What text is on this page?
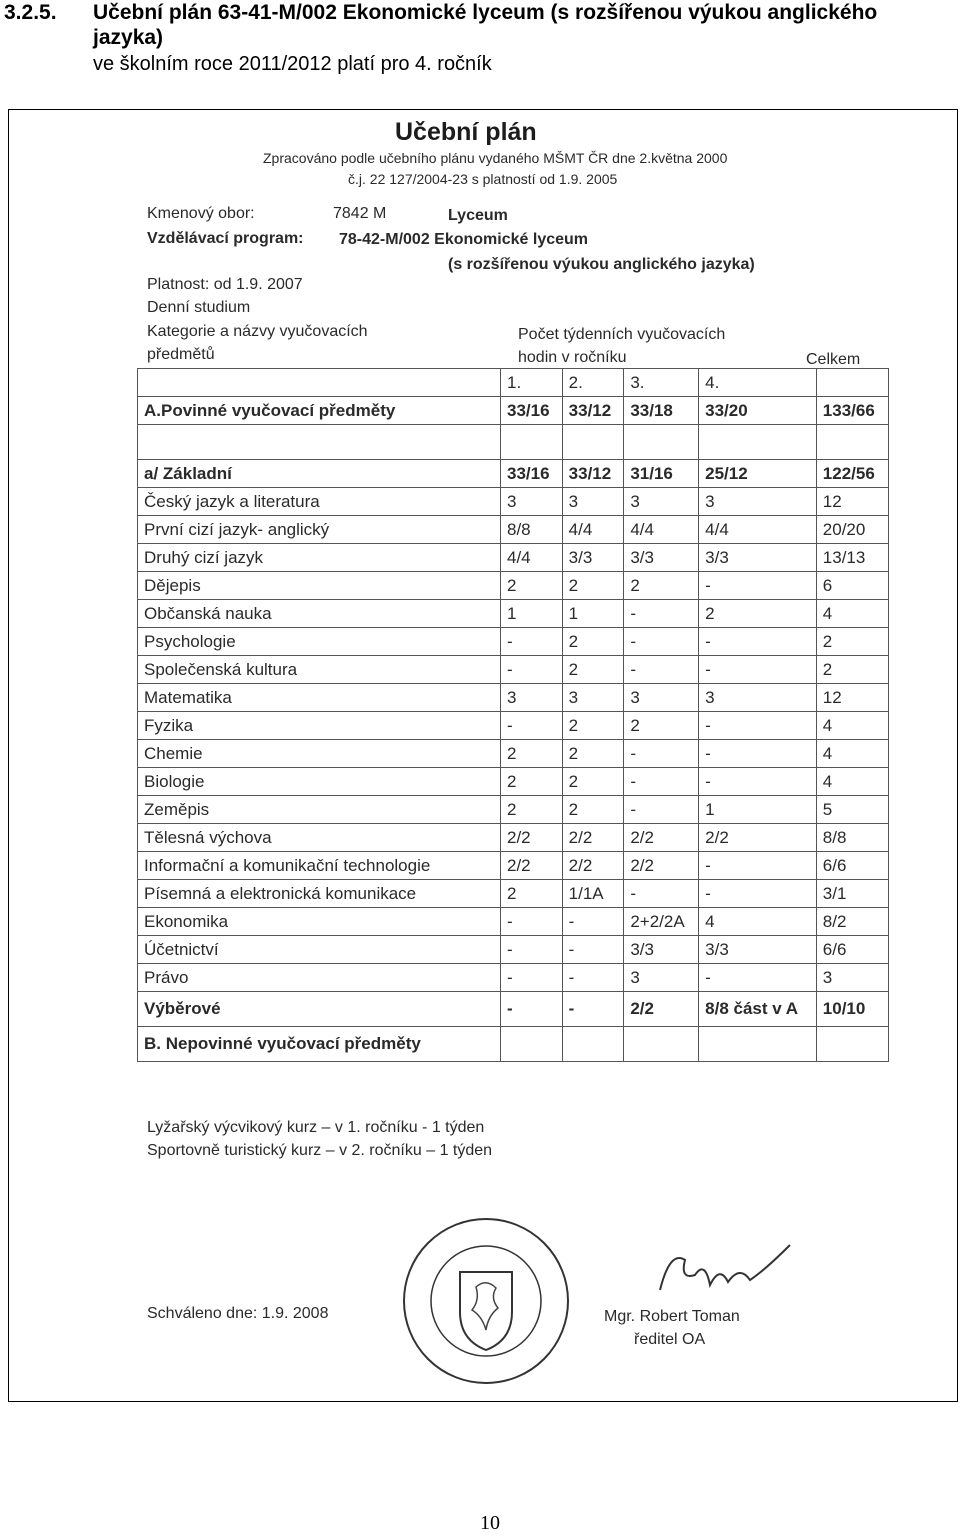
3.2.5. Učební plán 63-41-M/002 Ekonomické lyceum (s rozšířenou výukou anglického
jazyka)
ve školním roce 2011/2012 platí pro 4. ročník
Učební plán
Zpracováno podle učebního plánu vydaného MŠMT ČR dne 2.května 2000
č.j. 22 127/2004-23 s platností od 1.9. 2005
Kmenový obor:	7842 M	Lyceum
Vzdělávací program: 78-42-M/002 Ekonomické lyceum
(s rozšířenou výukou anglického jazyka)
Platnost: od 1.9. 2007
Denní studium
Kategorie a názvy vyučovacích
předmětů
Počet týdenních vyučovacích
hodin v ročníku	Celkem
	1.	2.	3.	4.	
A.Povinné vyučovací předměty	33/16	33/12	33/18	33/20	133/66

a/ Základní	33/16	33/12	31/16	25/12	122/56
Český jazyk a literatura	3	3	3	3	12
První cizí jazyk- anglický	8/8	4/4	4/4	4/4	20/20
Druhý cizí jazyk	4/4	3/3	3/3	3/3	13/13
Dějepis	2	2	2	-	6
Občanská nauka	1	1	-	2	4
Psychologie	-	2	-	-	2
Společenská kultura	-	2	-	-	2
Matematika	3	3	3	3	12
Fyzika	-	2	2	-	4
Chemie	2	2	-	-	4
Biologie	2	2	-	-	4
Zeměpis	2	2	-	1	5
Tělesná výchova	2/2	2/2	2/2	2/2	8/8
Informační a komunikační technologie	2/2	2/2	2/2	-	6/6
Písemná a elektronická komunikace	2	1/1A	-	-	3/1
Ekonomika	-	-	2+2/2A	4	8/2
Účetnictví	-	-	3/3	3/3	6/6
Právo	-	-	3	-	3
Výběrové	-	-	2/2	8/8 část v A	10/10
B. Nepovinné vyučovací předměty					
Lyžařský výcvikový kurz – v 1. ročníku - 1 týden
Sportovně turistický kurz – v 2. ročníku – 1 týden
Schváleno dne: 1.9. 2008	Mgr. Robert Toman
ředitel OA
10
